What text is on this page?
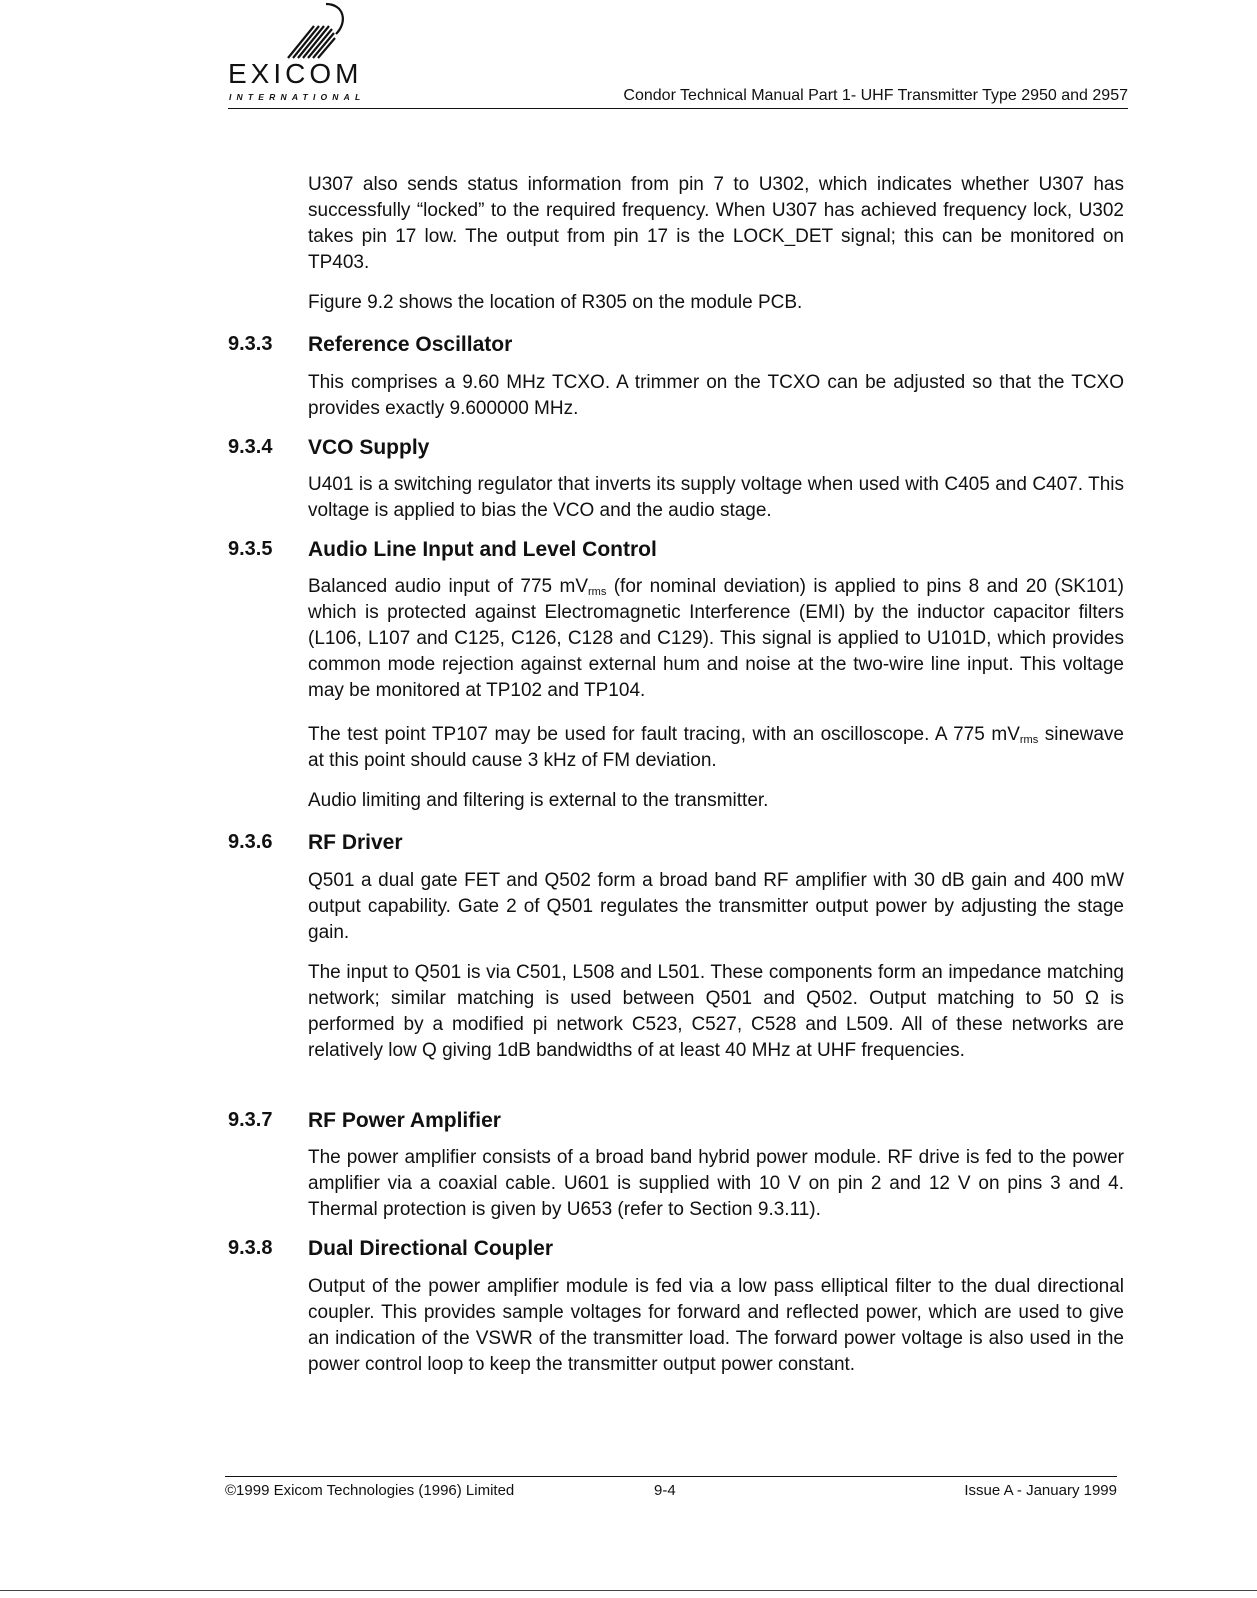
EXICOM
INTERNATIONAL	Condor Technical Manual Part 1- UHF Transmitter Type 2950 and 2957

U307 also sends status information from pin 7 to U302, which indicates whether U307 has successfully “locked” to the required frequency. When U307 has achieved frequency lock, U302 takes pin 17 low. The output from pin 17 is the LOCK_DET signal; this can be monitored on TP403.

Figure 9.2 shows the location of R305 on the module PCB.

9.3.3 Reference Oscillator

This comprises a 9.60 MHz TCXO. A trimmer on the TCXO can be adjusted so that the TCXO provides exactly 9.600000 MHz.

9.3.4 VCO Supply

U401 is a switching regulator that inverts its supply voltage when used with C405 and C407. This voltage is applied to bias the VCO and the audio stage.

9.3.5 Audio Line Input and Level Control

Balanced audio input of 775 $mV_{rms}$ (for nominal deviation) is applied to pins 8 and 20 (SK101) which is protected against Electromagnetic Interference (EMI) by the inductor capacitor filters (L106, L107 and C125, C126, C128 and C129). This signal is applied to U101D, which provides common mode rejection against external hum and noise at the two-wire line input. This voltage may be monitored at TP102 and TP104.

The test point TP107 may be used for fault tracing, with an oscilloscope. A 775 $mV_{rms}$ sinewave at this point should cause 3 kHz of FM deviation.

Audio limiting and filtering is external to the transmitter.

9.3.6 RF Driver

Q501 a dual gate FET and Q502 form a broad band RF amplifier with 30 dB gain and 400 mW output capability. Gate 2 of Q501 regulates the transmitter output power by adjusting the stage gain.

The input to Q501 is via C501, L508 and L501. These components form an impedance matching network; similar matching is used between Q501 and Q502. Output matching to 50 Ω is performed by a modified pi network C523, C527, C528 and L509. All of these networks are relatively low Q giving 1dB bandwidths of at least 40 MHz at UHF frequencies.

9.3.7 RF Power Amplifier

The power amplifier consists of a broad band hybrid power module. RF drive is fed to the power amplifier via a coaxial cable. U601 is supplied with 10 V on pin 2 and 12 V on pins 3 and 4. Thermal protection is given by U653 (refer to Section 9.3.11).

9.3.8 Dual Directional Coupler

Output of the power amplifier module is fed via a low pass elliptical filter to the dual directional coupler. This provides sample voltages for forward and reflected power, which are used to give an indication of the VSWR of the transmitter load. The forward power voltage is also used in the power control loop to keep the transmitter output power constant.

©1999 Exicom Technologies (1996) Limited	9-4	Issue A - January 1999
